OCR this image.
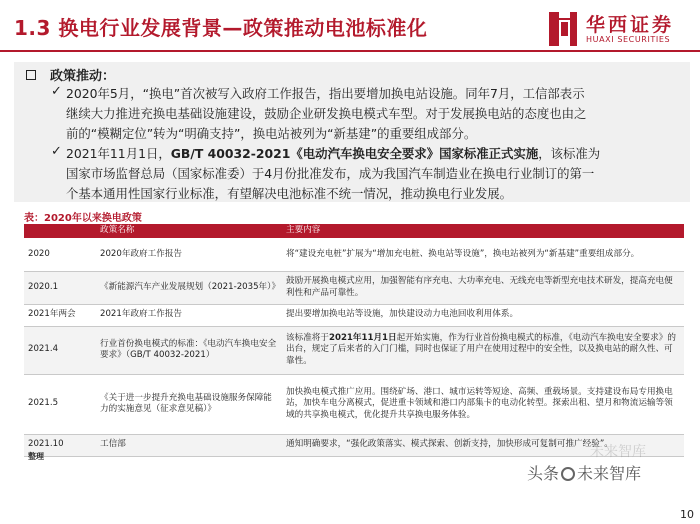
1.3 换电行业发展背景—政策推动电池标准化	华西证券
HUAXI SECURITIES
政策推动：
✓ 2020年5月，“换电”首次被写入政府工作报告，指出要增加换电站设施。同年7月，工信部表示
继续大力推进充换电基础设施建设，鼓励企业研发换电模式车型。对于发展换电站的态度也由之
前的“模糊定位”转为“明确支持”，换电站被列为“新基建”的重要组成部分。
✓ 2021年11月1日，GB/T 40032-2021《电动汽车换电安全要求》国家标准正式实施，该标准为
国家市场监督总局（国家标准委）于4月份批准发布，成为我国汽车制造业在换电行业制订的第一
个基本通用性国家行业标准，有望解决电池标准不统一情况，推动换电行业发展。
表：2020年以来换电政策
	政策名称	主要内容
2020	2020年政府工作报告	将“建设充电桩”扩展为“增加充电桩、换电站等设施”，换电站被列为“新基建”重要组成部分。
2020.1	《新能源汽车产业发展规划（2021-2035年）》	鼓励开展换电模式应用，加强智能有序充电、大功率充电、无线充电等新型充电技术研发，提高充电便利性和产品可靠性。
2021年两会	2021年政府工作报告	提出要增加换电站等设施，加快建设动力电池回收利用体系。
2021.4	行业首份换电模式的标准：《电动汽车换电安全要求》（GB/T 40032-2021）	该标准将于2021年11月1日起开始实施，作为行业首份换电模式的标准，《电动汽车换电安全要求》的出台，规定了后来者的入门门槛，同时也保证了用户在使用过程中的安全性，以及换电站的耐久性、可靠性。
2021.5	《关于进一步提升充换电基础设施服务保障能力的实施意见（征求意见稿）》	加快换电模式推广应用。围绕矿场、港口、城市运转等短途、高频、重载场景。支持建设布局专用换电站，加快车电分离模式，促进重卡领域和港口内部集卡的电动化转型。探索出租、望月和物流运输等领域的共享换电模式，优化提升共享换电服务体验。
2021.10	工信部	通知明确要求，“强化政策落实、模式探索、创新支持，加快形成可复制可推广经验”。
整理	未来智库
头条 未来智库
10
